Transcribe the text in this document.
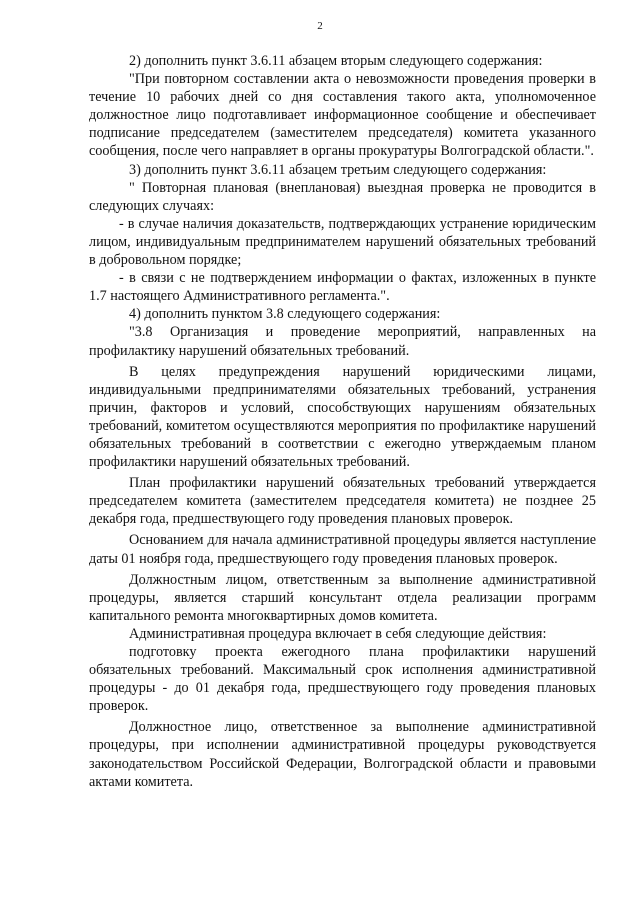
2

2) дополнить пункт 3.6.11 абзацем вторым следующего содержания:

"При повторном составлении акта о невозможности проведения проверки в течение 10 рабочих дней со дня составления такого акта, уполномоченное должностное лицо подготавливает информационное сообщение и обеспечивает подписание председателем (заместителем председателя) комитета указанного сообщения, после чего направляет в органы прокуратуры Волгоградской области.".

3) дополнить пункт 3.6.11 абзацем третьим следующего содержания:

" Повторная плановая (внеплановая) выездная проверка не проводится в следующих случаях:

- в случае наличия доказательств, подтверждающих устранение юридическим лицом, индивидуальным предпринимателем нарушений обязательных требований в добровольном порядке;

- в связи с не подтверждением информации о фактах, изложенных в пункте 1.7 настоящего Административного регламента.".

4) дополнить пунктом 3.8 следующего содержания:

"3.8 Организация и проведение мероприятий, направленных на профилактику нарушений обязательных требований.

В целях предупреждения нарушений юридическими лицами, индивидуальными предпринимателями обязательных требований, устранения причин, факторов и условий, способствующих нарушениям обязательных требований, комитетом осуществляются мероприятия по профилактике нарушений обязательных требований в соответствии с ежегодно утверждаемым планом профилактики нарушений обязательных требований.

План профилактики нарушений обязательных требований утверждается председателем комитета (заместителем председателя комитета) не позднее 25 декабря года, предшествующего году проведения плановых проверок.

Основанием для начала административной процедуры является наступление даты 01 ноября года, предшествующего году проведения плановых проверок.

Должностным лицом, ответственным за выполнение административной процедуры, является старший консультант отдела реализации программ капитального ремонта многоквартирных домов комитета.

Административная процедура включает в себя следующие действия:

подготовку проекта ежегодного плана профилактики нарушений обязательных требований. Максимальный срок исполнения административной процедуры - до 01 декабря года, предшествующего году проведения плановых проверок.

Должностное лицо, ответственное за выполнение административной процедуры, при исполнении административной процедуры руководствуется законодательством Российской Федерации, Волгоградской области и правовыми актами комитета.
